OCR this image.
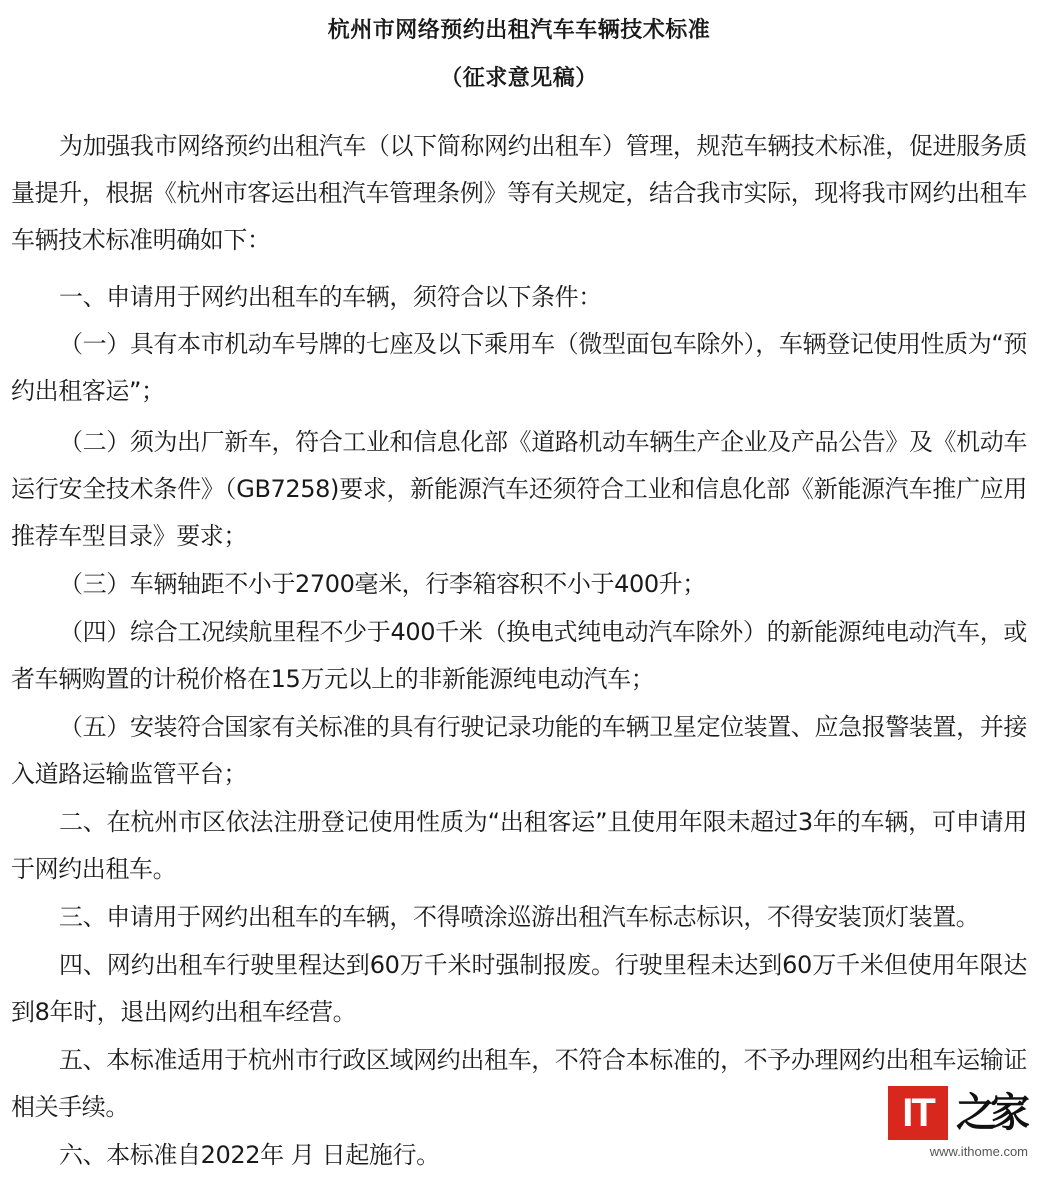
杭州市网络预约出租汽车车辆技术标准
（征求意见稿）

为加强我市网络预约出租汽车（以下简称网约出租车）管理，规范车辆技术标准，促进服务质量提升，根据《杭州市客运出租汽车管理条例》等有关规定，结合我市实际，现将我市网约出租车车辆技术标准明确如下：

一、申请用于网约出租车的车辆，须符合以下条件：

（一）具有本市机动车号牌的七座及以下乘用车（微型面包车除外），车辆登记使用性质为“预约出租客运”；

（二）须为出厂新车，符合工业和信息化部《道路机动车辆生产企业及产品公告》及《机动车运行安全技术条件》（GB7258)要求，新能源汽车还须符合工业和信息化部《新能源汽车推广应用推荐车型目录》要求；

（三）车辆轴距不小于2700毫米，行李箱容积不小于400升；

（四）综合工况续航里程不少于400千米（换电式纯电动汽车除外）的新能源纯电动汽车，或者车辆购置的计税价格在15万元以上的非新能源纯电动汽车；

（五）安装符合国家有关标准的具有行驶记录功能的车辆卫星定位装置、应急报警装置，并接入道路运输监管平台；

二、在杭州市区依法注册登记使用性质为“出租客运”且使用年限未超过3年的车辆，可申请用于网约出租车。

三、申请用于网约出租车的车辆，不得喷涂巡游出租汽车标志标识，不得安装顶灯装置。

四、网约出租车行驶里程达到60万千米时强制报废。行驶里程未达到60万千米但使用年限达到8年时，退出网约出租车经营。

五、本标准适用于杭州市行政区域网约出租车，不符合本标准的，不予办理网约出租车运输证相关手续。

六、本标准自2022年 月 日起施行。

IT 之家
www.ithome.com
